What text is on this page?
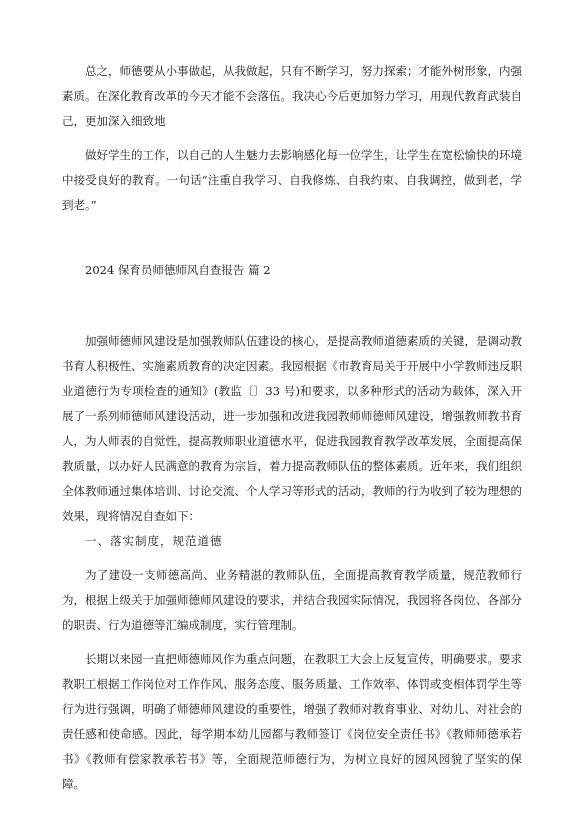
总之，师德要从小事做起，从我做起，只有不断学习，努力探索；才能外树形象，内强素质。在深化教育改革的今天才能不会落伍。我决心今后更加努力学习，用现代教育武装自己，更加深入细致地

做好学生的工作，以自己的人生魅力去影响感化每一位学生，让学生在宽松愉快的环境中接受良好的教育。一句话“注重自我学习、自我修炼、自我约束、自我调控，做到老，学到老。”

2024 保育员师德师风自查报告 篇 2

加强师德师风建设是加强教师队伍建设的核心，是提高教师道德素质的关键，是调动教书育人积极性、实施素质教育的决定因素。我园根据《市教育局关于开展中小学教师违反职业道德行为专项检查的通知》(教监〔〕33 号)和要求，以多种形式的活动为载体，深入开展了一系列师德师风建设活动，进一步加强和改进我园教师师德师风建设，增强教师教书育人，为人师表的自觉性，提高教师职业道德水平，促进我园教育教学改革发展，全面提高保教质量，以办好人民满意的教育为宗旨，着力提高教师队伍的整体素质。近年来，我们组织全体教师通过集体培训、讨论交流、个人学习等形式的活动，教师的行为收到了较为理想的效果，现将情况自查如下：

一、落实制度，规范道德

为了建设一支师德高尚、业务精湛的教师队伍，全面提高教育教学质量，规范教师行为，根据上级关于加强师德师风建设的要求，并结合我园实际情况，我园将各岗位、各部分的职责、行为道德等汇编成制度，实行管理制。

长期以来园一直把师德师风作为重点问题，在教职工大会上反复宣传，明确要求。要求教职工根据工作岗位对工作作风、服务态度、服务质量、工作效率、体罚或变相体罚学生等行为进行强调，明确了师德师风建设的重要性，增强了教师对教育事业、对幼儿、对社会的责任感和使命感。因此，每学期本幼儿园都与教师签订《岗位安全责任书》《教师师德承若书》《教师有偿家教承若书》等，全面规范师德行为，为树立良好的园风园貌了坚实的保障。
